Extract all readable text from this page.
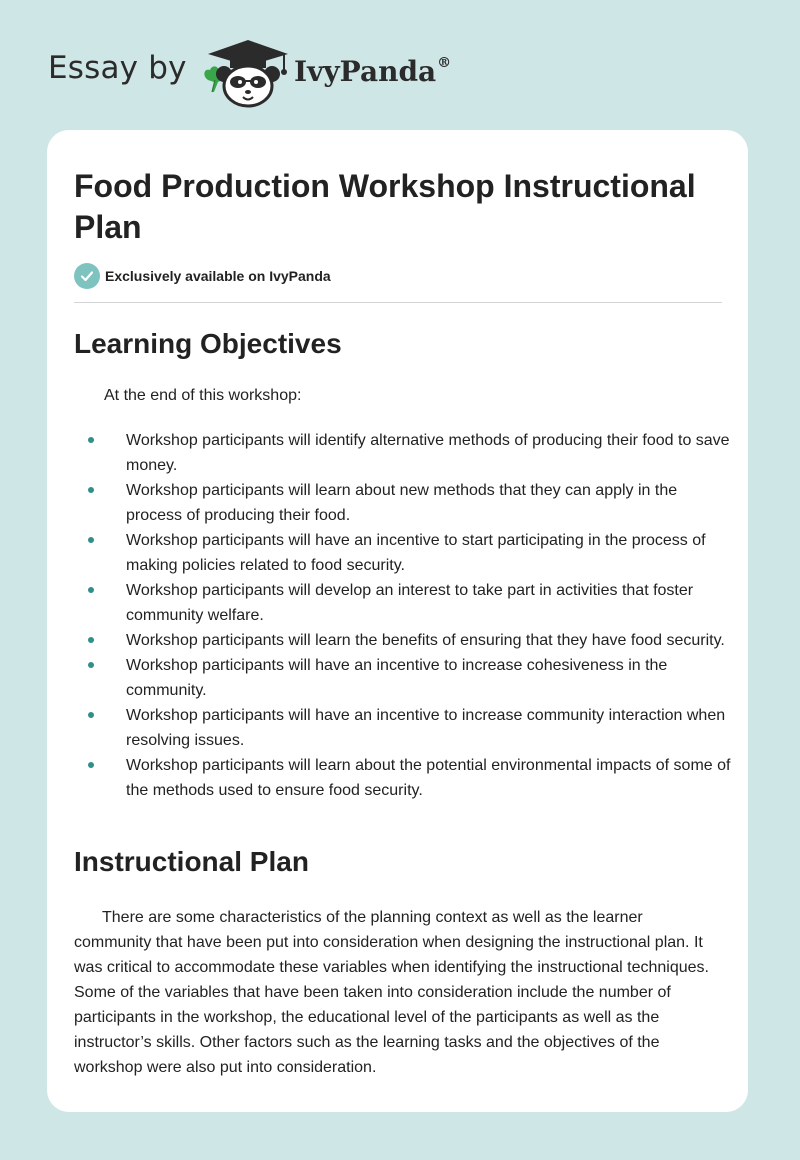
Essay by	IvyPanda®
Food Production Workshop Instructional Plan
Exclusively available on IvyPanda
Learning Objectives

At the end of this workshop:

Workshop participants will identify alternative methods of producing their food to save money.
Workshop participants will learn about new methods that they can apply in the process of producing their food.
Workshop participants will have an incentive to start participating in the process of making policies related to food security.
Workshop participants will develop an interest to take part in activities that foster community welfare.
Workshop participants will learn the benefits of ensuring that they have food security.
Workshop participants will have an incentive to increase cohesiveness in the community.
Workshop participants will have an incentive to increase community interaction when resolving issues.
Workshop participants will learn about the potential environmental impacts of some of the methods used to ensure food security.
Instructional Plan

There are some characteristics of the planning context as well as the learner community that have been put into consideration when designing the instructional plan. It was critical to accommodate these variables when identifying the instructional techniques. Some of the variables that have been taken into consideration include the number of participants in the workshop, the educational level of the participants as well as the instructor’s skills. Other factors such as the learning tasks and the objectives of the workshop were also put into consideration.
